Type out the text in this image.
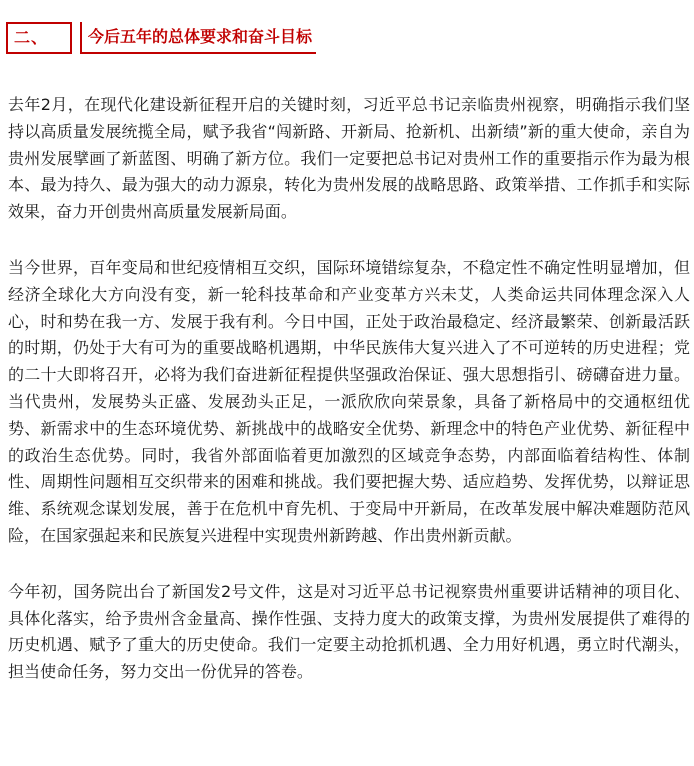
二、	今后五年的总体要求和奋斗目标

去年2月，在现代化建设新征程开启的关键时刻，习近平总书记亲临贵州视察，明确指示我们坚持以高质量发展统揽全局，赋予我省“闯新路、开新局、抢新机、出新绩”新的重大使命，亲自为贵州发展擘画了新蓝图、明确了新方位。我们一定要把总书记对贵州工作的重要指示作为最为根本、最为持久、最为强大的动力源泉，转化为贵州发展的战略思路、政策举措、工作抓手和实际效果，奋力开创贵州高质量发展新局面。

当今世界，百年变局和世纪疫情相互交织，国际环境错综复杂，不稳定性不确定性明显增加，但经济全球化大方向没有变，新一轮科技革命和产业变革方兴未艾，人类命运共同体理念深入人心，时和势在我一方、发展于我有利。今日中国，正处于政治最稳定、经济最繁荣、创新最活跃的时期，仍处于大有可为的重要战略机遇期，中华民族伟大复兴进入了不可逆转的历史进程；党的二十大即将召开，必将为我们奋进新征程提供坚强政治保证、强大思想指引、磅礴奋进力量。当代贵州，发展势头正盛、发展劲头正足，一派欣欣向荣景象，具备了新格局中的交通枢纽优势、新需求中的生态环境优势、新挑战中的战略安全优势、新理念中的特色产业优势、新征程中的政治生态优势。同时，我省外部面临着更加激烈的区域竞争态势，内部面临着结构性、体制性、周期性问题相互交织带来的困难和挑战。我们要把握大势、适应趋势、发挥优势，以辩证思维、系统观念谋划发展，善于在危机中育先机、于变局中开新局，在改革发展中解决难题防范风险，在国家强起来和民族复兴进程中实现贵州新跨越、作出贵州新贡献。

今年初，国务院出台了新国发2号文件，这是对习近平总书记视察贵州重要讲话精神的项目化、具体化落实，给予贵州含金量高、操作性强、支持力度大的政策支撑，为贵州发展提供了难得的历史机遇、赋予了重大的历史使命。我们一定要主动抢抓机遇、全力用好机遇，勇立时代潮头，担当使命任务，努力交出一份优异的答卷。
